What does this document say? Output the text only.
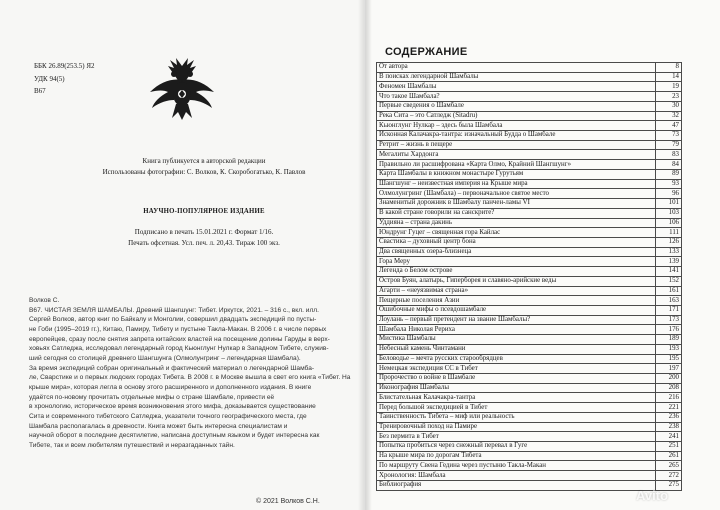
ББК 26.89(253.5) Я2
УДК 94(5)
В67
Книга публикуется в авторской редакции
Использованы фотографии: С. Волков, К. Скоробогатько, К. Павлов
НАУЧНО-ПОПУЛЯРНОЕ ИЗДАНИЕ
Подписано в печать 15.01.2021 г. Формат 1/16.
Печать офсетная. Усл. печ. л. 20,43. Тираж 100 экз.
Волков С.
В67. ЧИСТАЯ ЗЕМЛЯ ШАМБАЛЫ. Древний Шангшунг: Тибет. Иркутск, 2021. – 316 с., вкл. илл.
Сергей Волков, автор книг по Байкалу и Монголии, совершил двадцать экспедиций по пусты-
не Гоби (1995–2019 гг.), Китаю, Памиру, Тибету и пустыне Такла-Макан. В 2006 г. в числе первых
европейцев, сразу после снятия запрета китайских властей на посещение долины Гаруды в верх-
ховьях Сатледжа, исследовал легендарный город Кьюнглунг Нулкар в Западном Тибете, служив-
ший сегодня со столицей древнего Шангшунга (Олмолунгринг – легендарная Шамбала).
За время экспедиций собран оригинальный и фактический материал о легендарной Шамба-
ле, Сварстике и о первых людских городах Тибета. В 2008 г. в Москве вышла в свет его книга «Тибет. На
крыше мира», которая легла в основу этого расширенного и дополненного издания. В книге
удаётся по-новому прочитать отдельные мифы о стране Шамбале, привести её
в хронологию, историческое время возникновения этого мифа, доказывается существование
Сита и современного тибетского Сатледжа, указатели точного географического места, где
Шамбала располагалась в древности. Книга может быть интересна специалистам и
научной оборот в последние десятилетие, написана доступным языком и будет интересна как
Тибете, так и всем любителям путешествий и неразгаданных тайн.
© 2021 Волков С.Н.
СОДЕРЖАНИЕ
От автора	8
В поисках легендарной Шамбалы	14
Феномен Шамбалы	19
Что такое Шамбала?	23
Первые сведения о Шамбале	30
Река Сита – это Сатледж (Sitadru)	32
Кьюнглунг Нулкар – здесь была Шамбала	47
Исконная Калачакра-тантра: изначальный Будда о Шамбале	73
Ретрит – жизнь в пещере	79
Мегалиты Хардонга	83
Правильно ли расшифрована «Карта Олмо, Крайний Шангшунг»	84
Карта Шамбалы в книжном монастыре Гурутьям	89
Шангшунг – неизвестная империя на Крыше мира	93
Олмолунгринг (Шамбала) – первоначальное святое место	96
Знаменитый дорожник в Шамбалу панчен-ламы VI	101
В какой стране говорили на санскрите?	103
Уддияна – страна дакинь	106
Юндрунг Гуцег – священная гора Кайлас	111
Свастика – духовный центр бона	126
Два священных озера-близнеца	133
Гора Меру	139
Легенда о Белом острове	141
Остров Буян, алатырь, Гиперборея и славяно-арийские веды	152
Агарти – «неуязвимая страна»	161
Пещерные поселения Азии	163
Ошибочные мифы о псевдошамбале	171
Лоулань – первый претендент на звание Шамбалы?	173
Шамбала Николая Рериха	176
Мистика Шамбалы	189
Небесный камень Чинтамани	193
Беловодье – мечта русских старообрядцев	195
Немецкая экспедиция СС в Тибет	197
Пророчество о войне в Шамбале	200
Иконография Шамбалы	208
Блистательная Калачакра-тантра	216
Перед большой экспедицией в Тибет	221
Таинственность Тибета – миф или реальность	236
Тренировочный поход на Памире	238
Без пермита в Тибет	241
Попытка пробиться через снежный перевал в Гуге	251
На крыше мира по дорогам Тибета	261
По маршруту Свена Гедина через пустыню Такла-Макан	265
Хронология: Шамбала	272
Библиография	275
Avito
